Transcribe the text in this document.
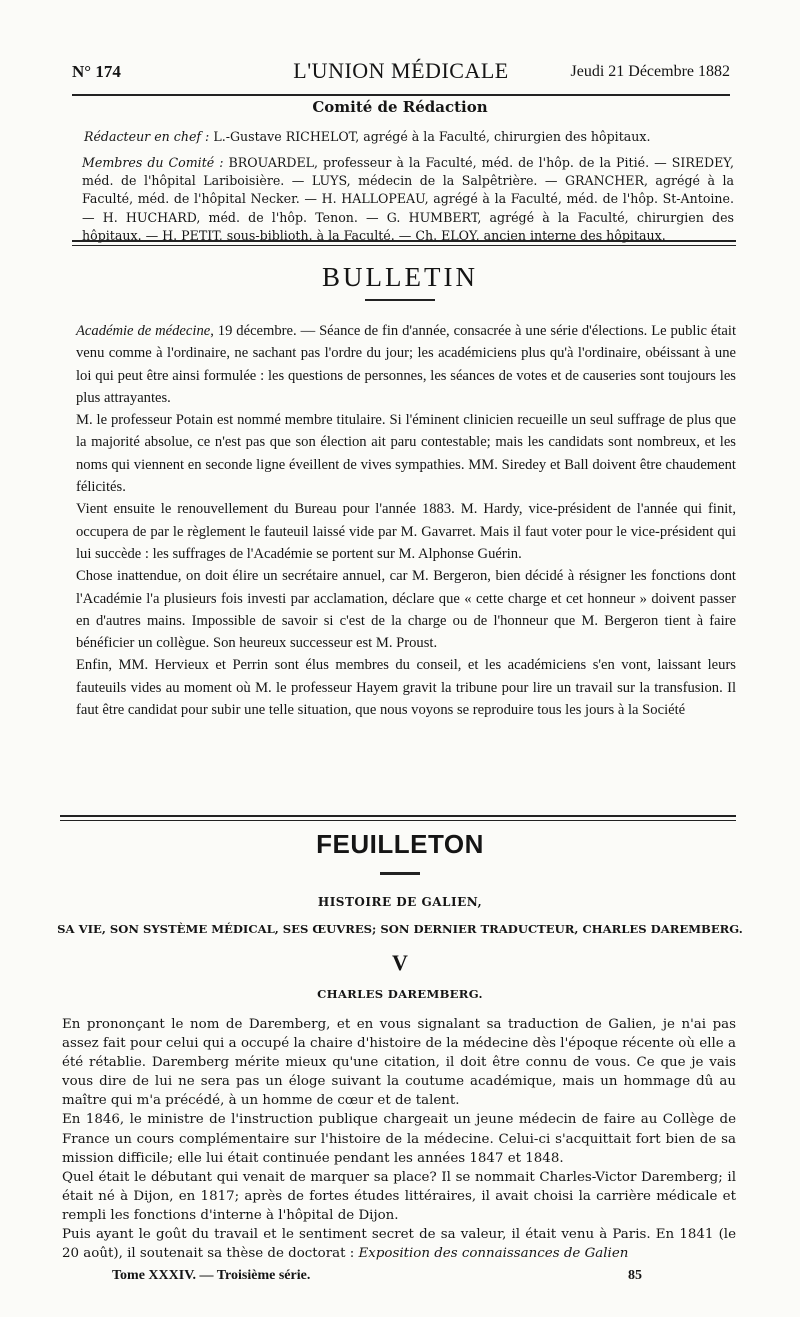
N° 174	L'UNION MÉDICALE	Jeudi 21 Décembre 1882
Comité de Rédaction
Rédacteur en chef : L.-Gustave RICHELOT, agrégé à la Faculté, chirurgien des hôpitaux.
Membres du Comité : BROUARDEL, professeur à la Faculté, méd. de l'hôp. de la Pitié. — SIREDEY, méd. de l'hôpital Lariboisière. — LUYS, médecin de la Salpêtrière. — GRANCHER, agrégé à la Faculté, méd. de l'hôpital Necker. — H. HALLOPEAU, agrégé à la Faculté, méd. de l'hôp. St-Antoine. — H. HUCHARD, méd. de l'hôp. Tenon. — G. HUMBERT, agrégé à la Faculté, chirurgien des hôpitaux. — H. PETIT, sous-biblioth. à la Faculté. — Ch. ELOY, ancien interne des hôpitaux.
BULLETIN

Académie de médecine, 19 décembre. — Séance de fin d'année, consacrée à une série d'élections. Le public était venu comme à l'ordinaire, ne sachant pas l'ordre du jour; les académiciens plus qu'à l'ordinaire, obéissant à une loi qui peut être ainsi formulée : les questions de personnes, les séances de votes et de causeries sont toujours les plus attrayantes.

M. le professeur Potain est nommé membre titulaire. Si l'éminent clinicien recueille un seul suffrage de plus que la majorité absolue, ce n'est pas que son élection ait paru contestable; mais les candidats sont nombreux, et les noms qui viennent en seconde ligne éveillent de vives sympathies. MM. Siredey et Ball doivent être chaudement félicités.

Vient ensuite le renouvellement du Bureau pour l'année 1883. M. Hardy, vice-président de l'année qui finit, occupera de par le règlement le fauteuil laissé vide par M. Gavarret. Mais il faut voter pour le vice-président qui lui succède : les suffrages de l'Académie se portent sur M. Alphonse Guérin.

Chose inattendue, on doit élire un secrétaire annuel, car M. Bergeron, bien décidé à résigner les fonctions dont l'Académie l'a plusieurs fois investi par acclamation, déclare que « cette charge et cet honneur » doivent passer en d'autres mains. Impossible de savoir si c'est de la charge ou de l'honneur que M. Bergeron tient à faire bénéficier un collègue. Son heureux successeur est M. Proust.

Enfin, MM. Hervieux et Perrin sont élus membres du conseil, et les académiciens s'en vont, laissant leurs fauteuils vides au moment où M. le professeur Hayem gravit la tribune pour lire un travail sur la transfusion. Il faut être candidat pour subir une telle situation, que nous voyons se reproduire tous les jours à la Société

FEUILLETON
HISTOIRE DE GALIEN,
SA VIE, SON SYSTÈME MÉDICAL, SES ŒUVRES; SON DERNIER TRADUCTEUR, CHARLES DAREMBERG.
V
CHARLES DAREMBERG.

En prononçant le nom de Daremberg, et en vous signalant sa traduction de Galien, je n'ai pas assez fait pour celui qui a occupé la chaire d'histoire de la médecine dès l'époque récente où elle a été rétablie. Daremberg mérite mieux qu'une citation, il doit être connu de vous. Ce que je vais vous dire de lui ne sera pas un éloge suivant la coutume académique, mais un hommage dû au maître qui m'a précédé, à un homme de cœur et de talent.

En 1846, le ministre de l'instruction publique chargeait un jeune médecin de faire au Collège de France un cours complémentaire sur l'histoire de la médecine. Celui-ci s'acquittait fort bien de sa mission difficile; elle lui était continuée pendant les années 1847 et 1848.

Quel était le débutant qui venait de marquer sa place? Il se nommait Charles-Victor Daremberg; il était né à Dijon, en 1817; après de fortes études littéraires, il avait choisi la carrière médicale et rempli les fonctions d'interne à l'hôpital de Dijon.

Puis ayant le goût du travail et le sentiment secret de sa valeur, il était venu à Paris. En 1841 (le 20 août), il soutenait sa thèse de doctorat : Exposition des connaissances de Galien

Tome XXXIV. — Troisième série.	85
